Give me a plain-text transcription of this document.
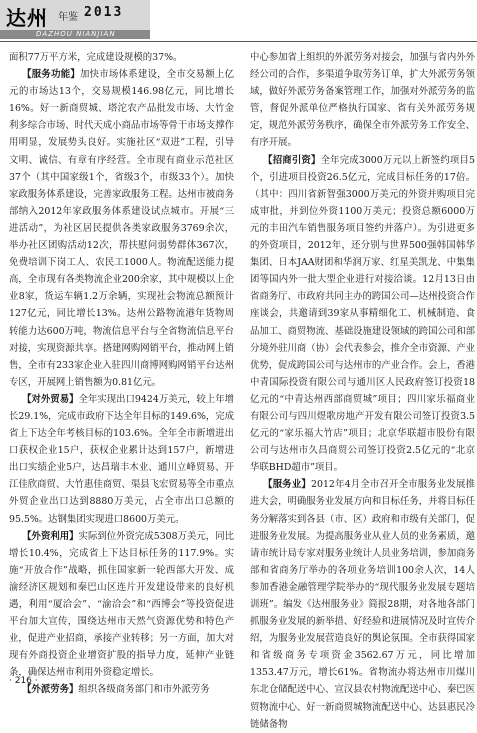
达州 年鉴 2013
DAZHOU NIANJIAN

面积77万平方米，完成建设规模的37%。

【服务功能】加快市场体系建设，全市交易额上亿元的市场达13个，交易规模146.98亿元，同比增长16%。好一新商贸城、塔沱农产品批发市场、大竹金利多综合市场、时代天成小商品市场等骨干市场支撑作用明显，发展势头良好。实施社区“双进”工程，引导文明、诚信、有章有序经营。全市现有商业示范社区37个（其中国家级1个，省级3个，市级33个）。加快家政服务体系建设，完善家政服务工程。达州市被商务部纳入2012年家政服务体系建设试点城市。开展“三进活动”，为社区居民提供各类家政服务3769余次，举办社区团购活动12次，帮扶慰问弱势群体367次，免费培训下岗工人、农民工1000人。物流配送能力提高，全市现有各类物流企业200余家，其中规模以上企业8家，货运车辆1.2万余辆，实现社会物流总额预计127亿元，同比增长13%。达州公路物流港年货物周转能力达600万吨，物流信息平台与全省物流信息平台对接，实现资源共享。搭建网购网销平台，推动网上销售，全市有233家企业入驻四川商博网购网销平台达州专区，开展网上销售额为0.81亿元。

【对外贸易】全年实现出口9424万美元，较上年增长29.1%，完成市政府下达全年目标的149.6%，完成省上下达全年考核目标的103.6%。全年全市新增进出口获权企业15户，获权企业累计达到157户，新增进出口实绩企业5户，达昌瑞丰木业、通川立峰贸易、开江佳欣商贸、大竹惠佳商贸、渠县飞宏贸易等全市重点外贸企业出口达到8880万美元，占全市出口总额的95.5%。达钢集团实现进口8600万美元。

【外资利用】实际到位外资完成5308万美元，同比增长10.4%，完成省上下达目标任务的117.9%。实施“开放合作”战略，抓住国家新一轮西部大开发、成渝经济区规划和秦巴山区连片开发建设带来的良好机遇，利用“厦洽会”、“渝洽会”和“西博会”等投资促进平台加大宣传，围绕达州市天然气资源优势和特色产业，促进产业招商，承接产业转移；另一方面，加大对现有外商投资企业增资扩股的指导力度，延伸产业链条，确保达州市利用外资稳定增长。

【外派劳务】组织各级商务部门和市外派劳务

中心参加省上组织的外派劳务对接会，加强与省内外外经公司的合作，多渠道争取劳务订单，扩大外派劳务领域，做好外派劳务备案管理工作，加强对外派劳务的监管，督促外派单位严格执行国家、省有关外派劳务规定，规范外派劳务秩序，确保全市外派劳务工作安全、有序开展。

【招商引资】全年完成3000万元以上新签约项目5个，引进项目投资26.5亿元，完成目标任务的17倍。（其中：四川省新智强3000万美元的外资并购项目完成审批，并到位外资1100万美元；投资总额6000万元的丰田汽车销售服务项目签约并落户）。为引进更多的外资项目，2012年，还分别与世界500强韩国韩华集团、日本JAA财团和华润万家、红星美凯龙、中集集团等国内外一批大型企业进行对接洽谈。12月13日由省商务厅、市政府共同主办的跨国公司—达州投资合作座谈会，共邀请到39家从事精细化工、机械制造、食品加工、商贸物流、基础设施建设领域的跨国公司和部分境外驻川商（协）会代表参会，推介全市资源、产业优势，促成跨国公司与达州市的产业合作。会上，香港中青国际投资有限公司与通川区人民政府签订投资18亿元的“中青达州西部商贸城”项目；四川家乐福商业有限公司与四川煜歌房地产开发有限公司签订投资3.5亿元的“家乐福大竹店”项目；北京华联超市股份有限公司与达州市久昌商贸公司签订投资2.5亿元的“北京华联BHD超市”项目。

【服务业】2012年4月全市召开全市服务业发展推进大会，明确服务业发展方向和目标任务，并将目标任务分解落实到各县（市、区）政府和市级有关部门，促进服务业发展。为提高服务业从业人员的业务素质，邀请市统计局专家对服务业统计人员业务培训，参加商务部和省商务厅举办的各项业务培训100余人次，14人参加香港金融管理学院举办的“现代服务业发展专题培训班”。编发《达州服务业》简报28期，对各地各部门抓服务业发展的新举措、好经验和进展情况及时宣传介绍，为服务业发展营造良好的舆论氛围。全市获得国家和省级商务专项资金3562.67万元，同比增加1353.47万元，增长61%。省物流办将达州市川煤川东北仓储配送中心、宣汉县农村物流配送中心、秦巴医贸物流中心、好一新商贸城物流配送中心、达县惠民冷链储备物

· 216 ·
